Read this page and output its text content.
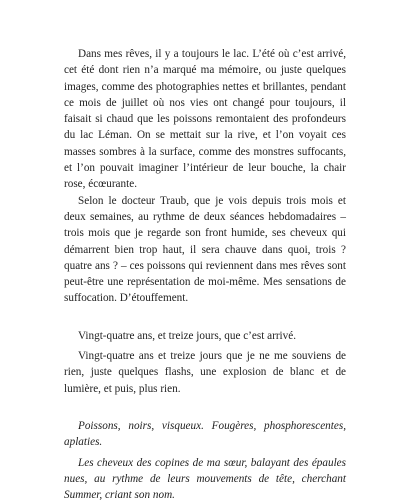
Dans mes rêves, il y a toujours le lac. L’été où c’est arrivé, cet été dont rien n’a marqué ma mémoire, ou juste quelques images, comme des photographies nettes et brillantes, pendant ce mois de juillet où nos vies ont changé pour toujours, il faisait si chaud que les poissons remontaient des profondeurs du lac Léman. On se mettait sur la rive, et l’on voyait ces masses sombres à la surface, comme des monstres suffocants, et l’on pouvait imaginer l’intérieur de leur bouche, la chair rose, écœurante.

Selon le docteur Traub, que je vois depuis trois mois et deux semaines, au rythme de deux séances hebdomadaires – trois mois que je regarde son front humide, ses cheveux qui démarrent bien trop haut, il sera chauve dans quoi, trois ? quatre ans ? – ces poissons qui reviennent dans mes rêves sont peut-être une représentation de moi-même. Mes sensations de suffocation. D’étouffement.

Vingt-quatre ans, et treize jours, que c’est arrivé.

Vingt-quatre ans et treize jours que je ne me souviens de rien, juste quelques flashs, une explosion de blanc et de lumière, et puis, plus rien.

Poissons, noirs, visqueux. Fougères, phosphorescentes, aplaties.

Les cheveux des copines de ma sœur, balayant des épaules nues, au rythme de leurs mouvements de tête, cherchant Summer, criant son nom.
